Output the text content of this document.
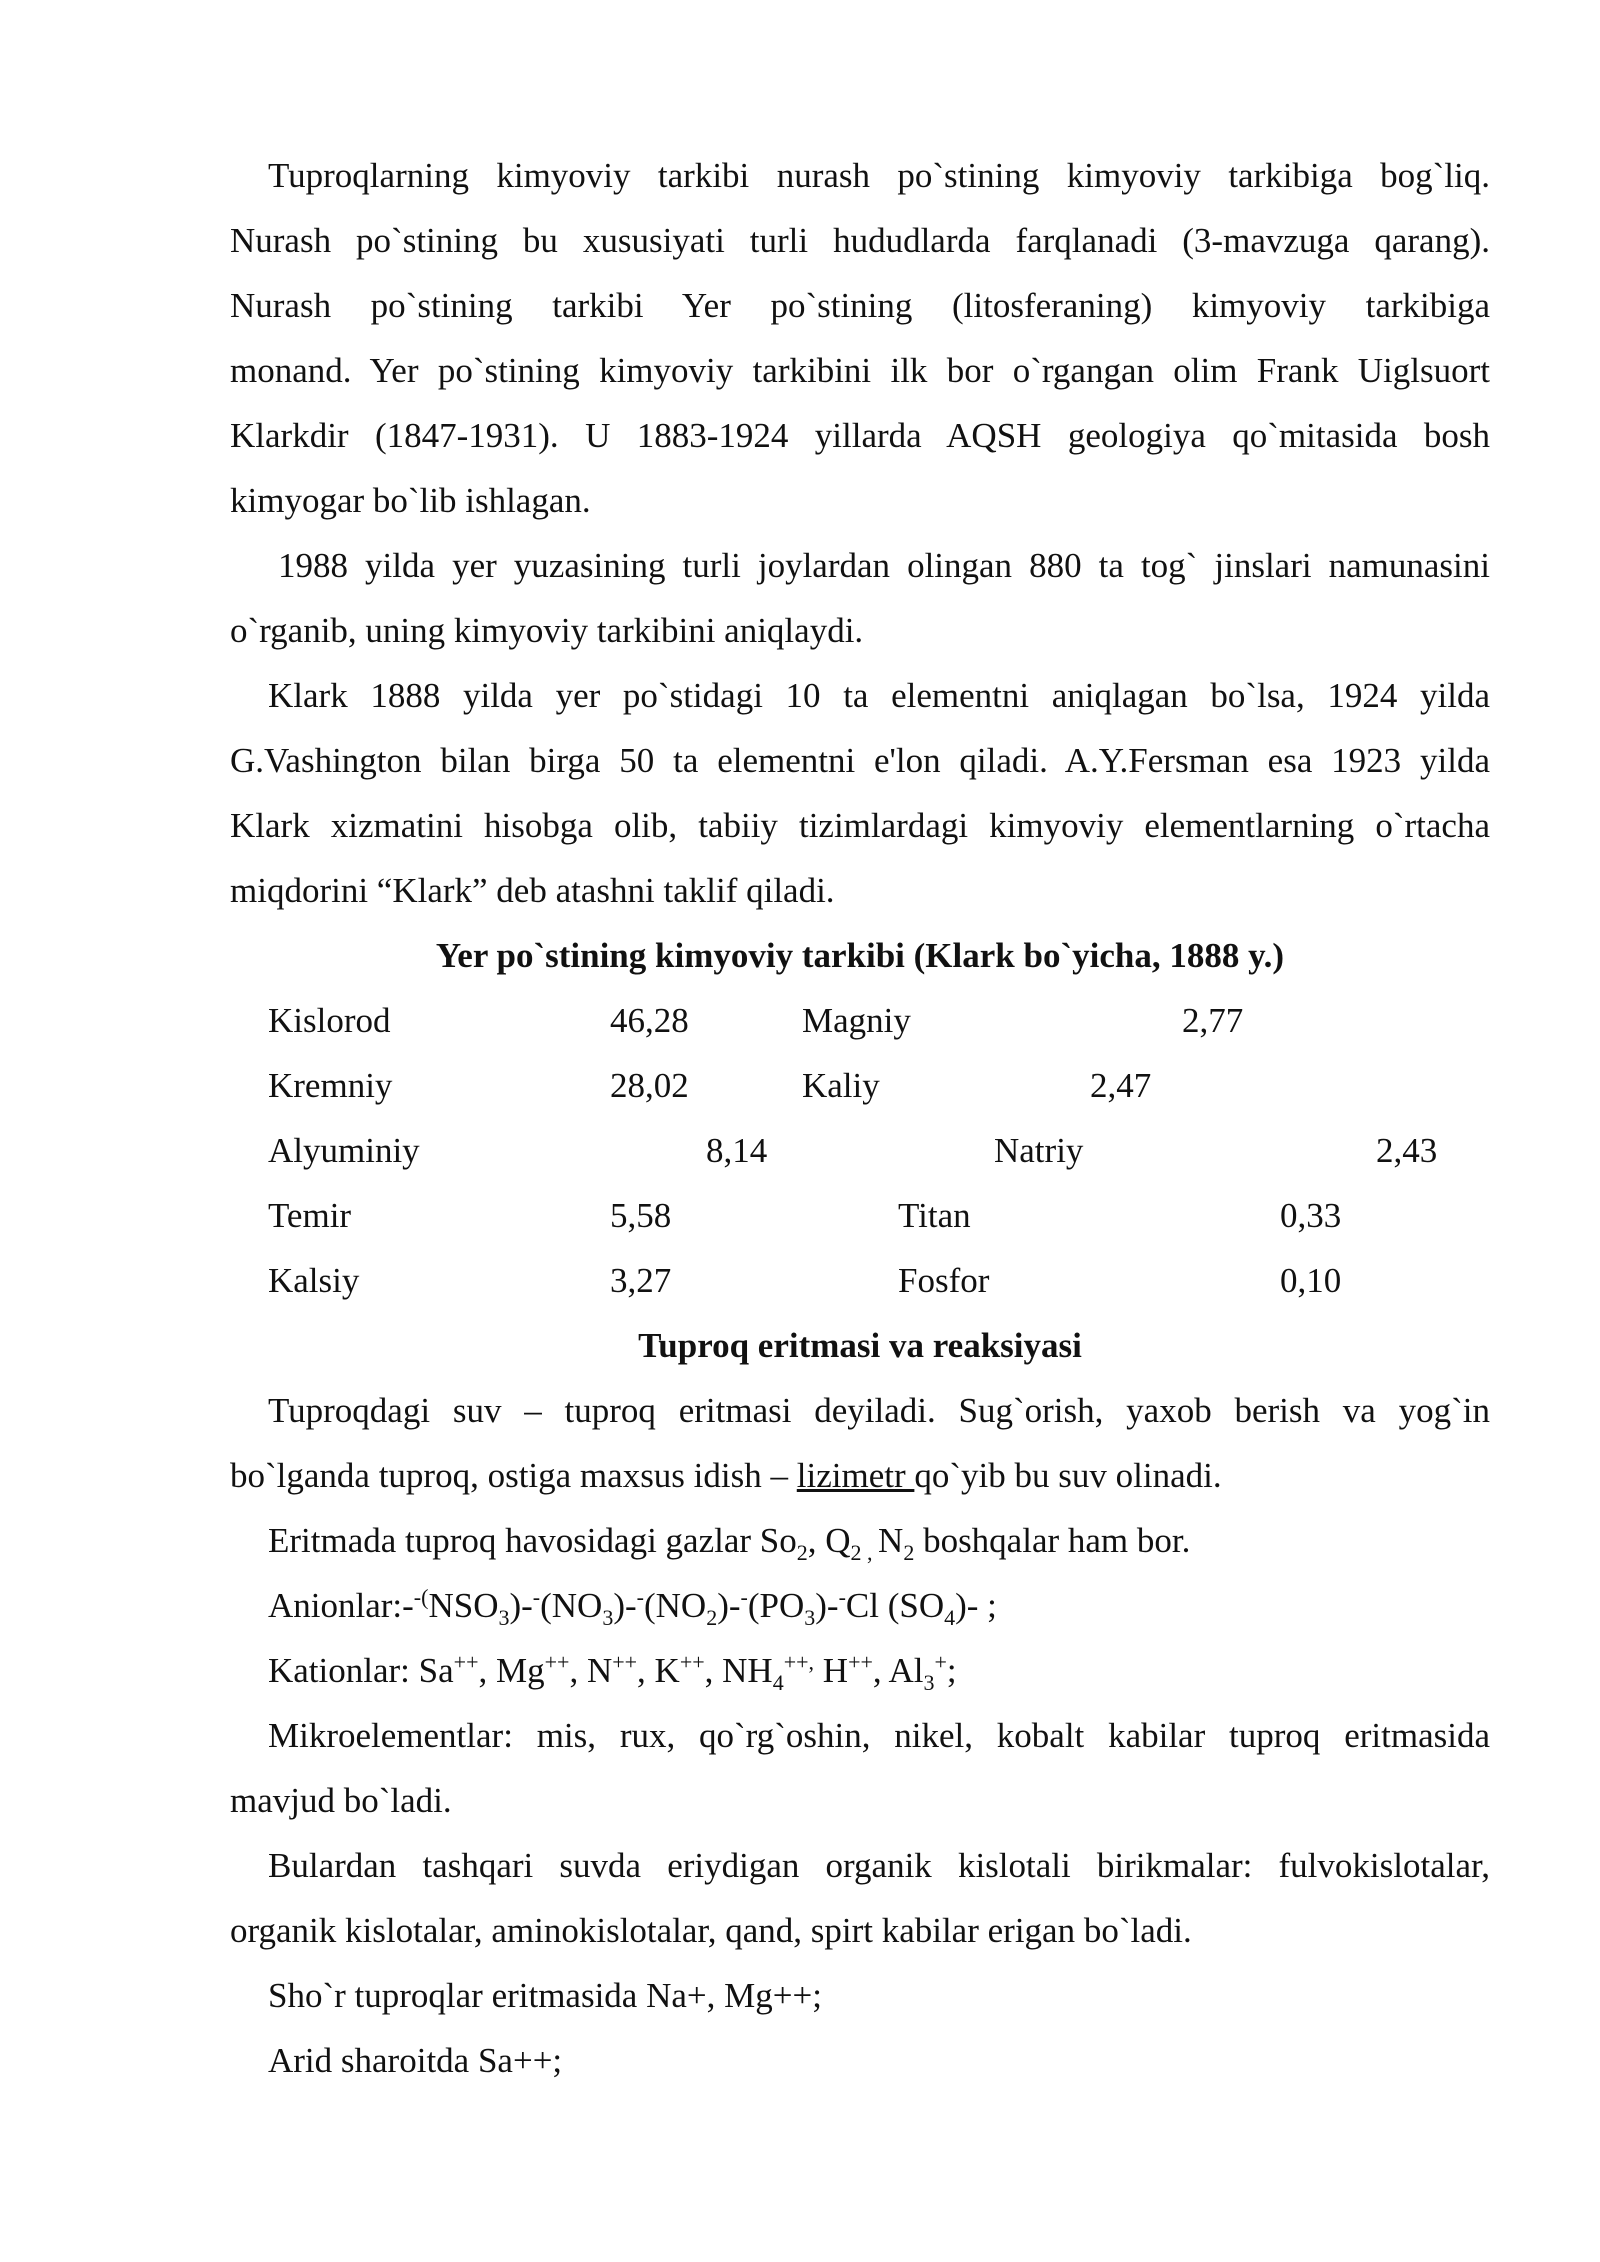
Tuproqlarning kimyoviy tarkibi nurash po`stining kimyoviy tarkibiga bog`liq.
Nurash po`stining bu xususiyati turli hududlarda farqlanadi (3-mavzuga qarang).
Nurash po`stining tarkibi Yer po`stining (litosferaning) kimyoviy tarkibiga
monand. Yer po`stining kimyoviy tarkibini ilk bor o`rgangan olim Frank Uiglsuort
Klarkdir (1847-1931). U 1883-1924 yillarda AQSH geologiya qo`mitasida bosh
kimyogar bo`lib ishlagan.
1988 yilda yer yuzasining turli joylardan olingan 880 ta tog` jinslari namunasini
o`rganib, uning kimyoviy tarkibini aniqlaydi.
Klark 1888 yilda yer po`stidagi 10 ta elementni aniqlagan bo`lsa, 1924 yilda
G.Vashington bilan birga 50 ta elementni e'lon qiladi. A.Y.Fersman esa 1923 yilda
Klark xizmatini hisobga olib, tabiiy tizimlardagi kimyoviy elementlarning o`rtacha
miqdorini “Klark” deb atashni taklif qiladi.
Yer po`stining kimyoviy tarkibi (Klark bo`yicha, 1888 y.)
Kislorod	46,28	Magniy	2,77
Kremniy	28,02	Kaliy	2,47
Alyuminiy	8,14	Natriy	2,43
Temir	5,58	Titan	0,33
Kalsiy	3,27	Fosfor	0,10
Tuproq eritmasi va reaksiyasi
Tuproqdagi suv – tuproq eritmasi deyiladi. Sug`orish, yaxob berish va yog`in
bo`lganda tuproq, ostiga maxsus idish – lizimetr qo`yib bu suv olinadi.
Eritmada tuproq havosidagi gazlar $So_2$, $Q_{2 ,}$ $N_2$ boshqalar ham bor.
$Anionlar:-^{-(}NSO_3)-^-(NO_3)-^-(NO_2)-^-(PO_3)-^-Cl$ $(SO_4)-$ ;
Kationlar: Sa++, Mg++, N++, K++, $NH_4^{++,}$ H++, $Al_3^+$;
Mikroelementlar: mis, rux, qo`rg`oshin, nikel, kobalt kabilar tuproq eritmasida
mavjud bo`ladi.
Bulardan tashqari suvda eriydigan organik kislotali birikmalar: fulvokislotalar,
organik kislotalar, aminokislotalar, qand, spirt kabilar erigan bo`ladi.
Sho`r tuproqlar eritmasida Na+, Mg++;
Arid sharoitda Sa++;
